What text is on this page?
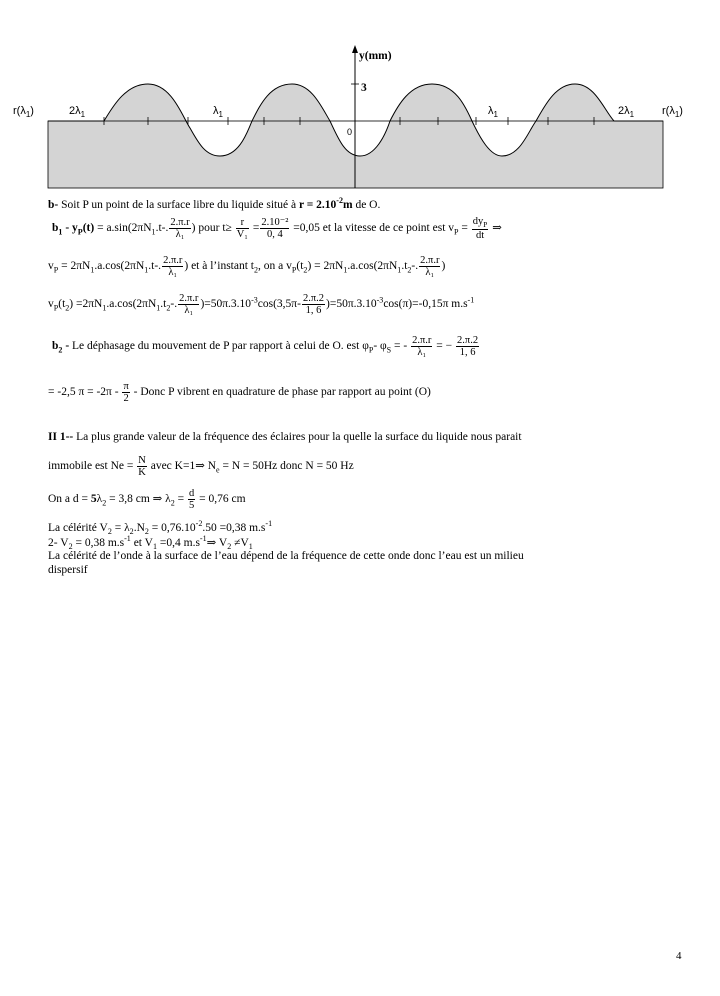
y(mm)
3
0
$r(\lambda_1)$	$2\lambda_1$	$\lambda_1$	$\lambda_1$	$2\lambda_1$	$r(\lambda_1)$
b- Soit P un point de la surface libre du liquide situé à $r = 2.10^{-2}m$ de O.
$b_1 - y_P(t) = a.\sin(2\pi N_1.t-$. $\frac{2.\pi.r}{\text{λ₁}}$ ) pour $t\ge \frac{r}{\text{V₁}} = \frac{\text{2.10⁻²}}{0, 4} =0,05$ et la vitesse de ce point est $v_P = \frac{dy_P}{dt}$ ⇒
$v_P = 2\pi N_1.a.\cos(2\pi N_1.t-$. $\frac{2.\pi.r}{\text{λ₁}}$ ) et à l’instant $t_2$, on a $v_P(t_2) = 2\pi N_1.a.\cos(2\pi N_1.t_2-$. $\frac{2.\pi.r}{\text{λ₁}}$ )
$v_P(t_2) =2\pi N_1.a.\cos(2\pi N_1.t_2-$. $\frac{2.\pi.r}{\text{λ₁}} )=50\pi.3.10^{-3}\cos(3,5\pi- \frac{2.\pi.2}{1, 6} )=50\pi.3.10^{-3}\cos(\pi)=-0,15\pi$ $m.s^{-1}$
$b_2$ - Le déphasage du mouvement de P par rapport à celui de O. est $\varphi_P-$ $\varphi_S$ = - $\frac{2.\pi.r}{\text{λ₁}}$ = − $\frac{2.\pi.2}{1, 6}$
= -2,5 $\pi = -2\pi - \frac{\pi}{2}$ - Donc P vibrent en quadrature de phase par rapport au point (O)
II 1-- La plus grande valeur de la fréquence des éclaires pour la quelle la surface du liquide nous parait
immobile est $Ne = \frac{N}{K}$ avec K=1⇒ $N_e = N = 50Hz$ donc N = 50 Hz
On a $d = 5\lambda_2 = 3,8$ cm ⇒ $\lambda_2 = \frac{d}{5} = 0,76$ cm
La célérité $V_2 = \lambda_2.N_2 = 0,76.10^{-2}.50 =0,38$ $m.s^{-1}$
2- $V_2 = 0,38$ $m.s^{-1}$ et $V_1 =0,4$ $m.s^{-1}\Rightarrow$ $V_2 \ne V_1$
La célérité de l’onde à la surface de l’eau dépend de la fréquence de cette onde donc l’eau est un milieu
dispersif
4
